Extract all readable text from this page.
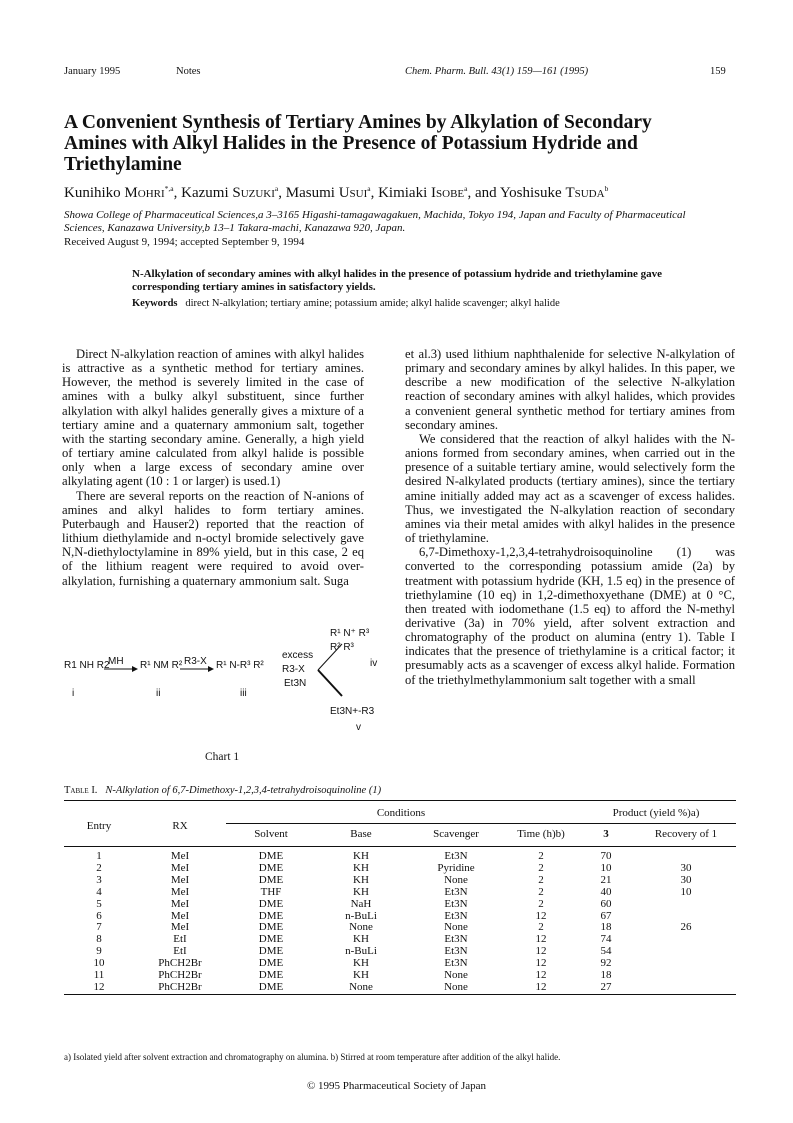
January 1995	Notes	Chem. Pharm. Bull. 43(1) 159—161 (1995)	159
A Convenient Synthesis of Tertiary Amines by Alkylation of Secondary Amines with Alkyl Halides in the Presence of Potassium Hydride and Triethylamine
Kunihiko Mohri$^{*,a}$, Kazumi Suzuki$^a$, Masumi Usui$^a$, Kimiaki Isobe$^a$, and Yoshisuke Tsuda$^b$
Showa College of Pharmaceutical Sciences,a 3–3165 Higashi-tamagawagakuen, Machida, Tokyo 194, Japan and Faculty of Pharmaceutical Sciences, Kanazawa University,b 13–1 Takara-machi, Kanazawa 920, Japan.
Received August 9, 1994; accepted September 9, 1994
N-Alkylation of secondary amines with alkyl halides in the presence of potassium hydride and triethylamine gave corresponding tertiary amines in satisfactory yields.
Keywords direct N-alkylation; tertiary amine; potassium amide; alkyl halide scavenger; alkyl halide

Direct N-alkylation reaction of amines with alkyl halides is attractive as a synthetic method for tertiary amines. However, the method is severely limited in the case of amines with a bulky alkyl substituent, since further alkylation with alkyl halides generally gives a mixture of a tertiary amine and a quaternary ammonium salt, together with the starting secondary amine. Generally, a high yield of tertiary amine calculated from alkyl halide is possible only when a large excess of secondary amine over alkylating agent (10 : 1 or larger) is used.1)

There are several reports on the reaction of N-anions of amines and alkyl halides to form tertiary amines. Puterbaugh and Hauser2) reported that the reaction of lithium diethylamide and n-octyl bromide selectively gave N,N-diethyloctylamine in 89% yield, but in this case, 2 eq of the lithium reagent were required to avoid over-alkylation, furnishing a quaternary ammonium salt. Suga

et al.3) used lithium naphthalenide for selective N-alkylation of primary and secondary amines by alkyl halides. In this paper, we describe a new modification of the selective N-alkylation reaction of secondary amines with alkyl halides, which provides a convenient general synthetic method for tertiary amines from secondary amines.

We considered that the reaction of alkyl halides with the N-anions formed from secondary amines, when carried out in the presence of a suitable tertiary amine, would selectively form the desired N-alkylated products (tertiary amines), since the tertiary amine initially added may act as a scavenger of excess halides. Thus, we investigated the N-alkylation reaction of secondary amines via their metal amides with alkyl halides in the presence of triethylamine.

6,7-Dimethoxy-1,2,3,4-tetrahydroisoquinoline (1) was converted to the corresponding potassium amide (2a) by treatment with potassium hydride (KH, 1.5 eq) in the presence of triethylamine (10 eq) in 1,2-dimethoxyethane (DME) at 0 °C, then treated with iodomethane (1.5 eq) to afford the N-methyl derivative (3a) in 70% yield, after solvent extraction and chromatography of the product on alumina (entry 1). Table I indicates that the presence of triethylamine is a critical factor; it presumably acts as a scavenger of excess alkyl halide. Formation of the triethylmethylammonium salt together with a small

R1 NH R2
i
MH R¹ NM R²
ii
R3-X R¹ N-R³ R²
iii
excess
R3-X
Et3N
R¹ N⁺ R³
R² R³
iv
Et3N+-R3
v
Chart 1
Table I. N-Alkylation of 6,7-Dimethoxy-1,2,3,4-tetrahydroisoquinoline (1)
Entry	RX	Conditions				Product (yield %)a)	
		Solvent	Base	Scavenger	Time (h)b)	3	Recovery of 1
1	MeI	DME	KH	Et3N	2	70	
2	MeI	DME	KH	Pyridine	2	10	30
3	MeI	DME	KH	None	2	21	30
4	MeI	THF	KH	Et3N	2	40	10
5	MeI	DME	NaH	Et3N	2	60	
6	MeI	DME	n-BuLi	Et3N	12	67	
7	MeI	DME	None	None	2	18	26
8	EtI	DME	KH	Et3N	12	74	
9	EtI	DME	n-BuLi	Et3N	12	54	
10	PhCH2Br	DME	KH	Et3N	12	92	
11	PhCH2Br	DME	KH	None	12	18	
12	PhCH2Br	DME	None	None	12	27	
a) Isolated yield after solvent extraction and chromatography on alumina. b) Stirred at room temperature after addition of the alkyl halide.
© 1995 Pharmaceutical Society of Japan
